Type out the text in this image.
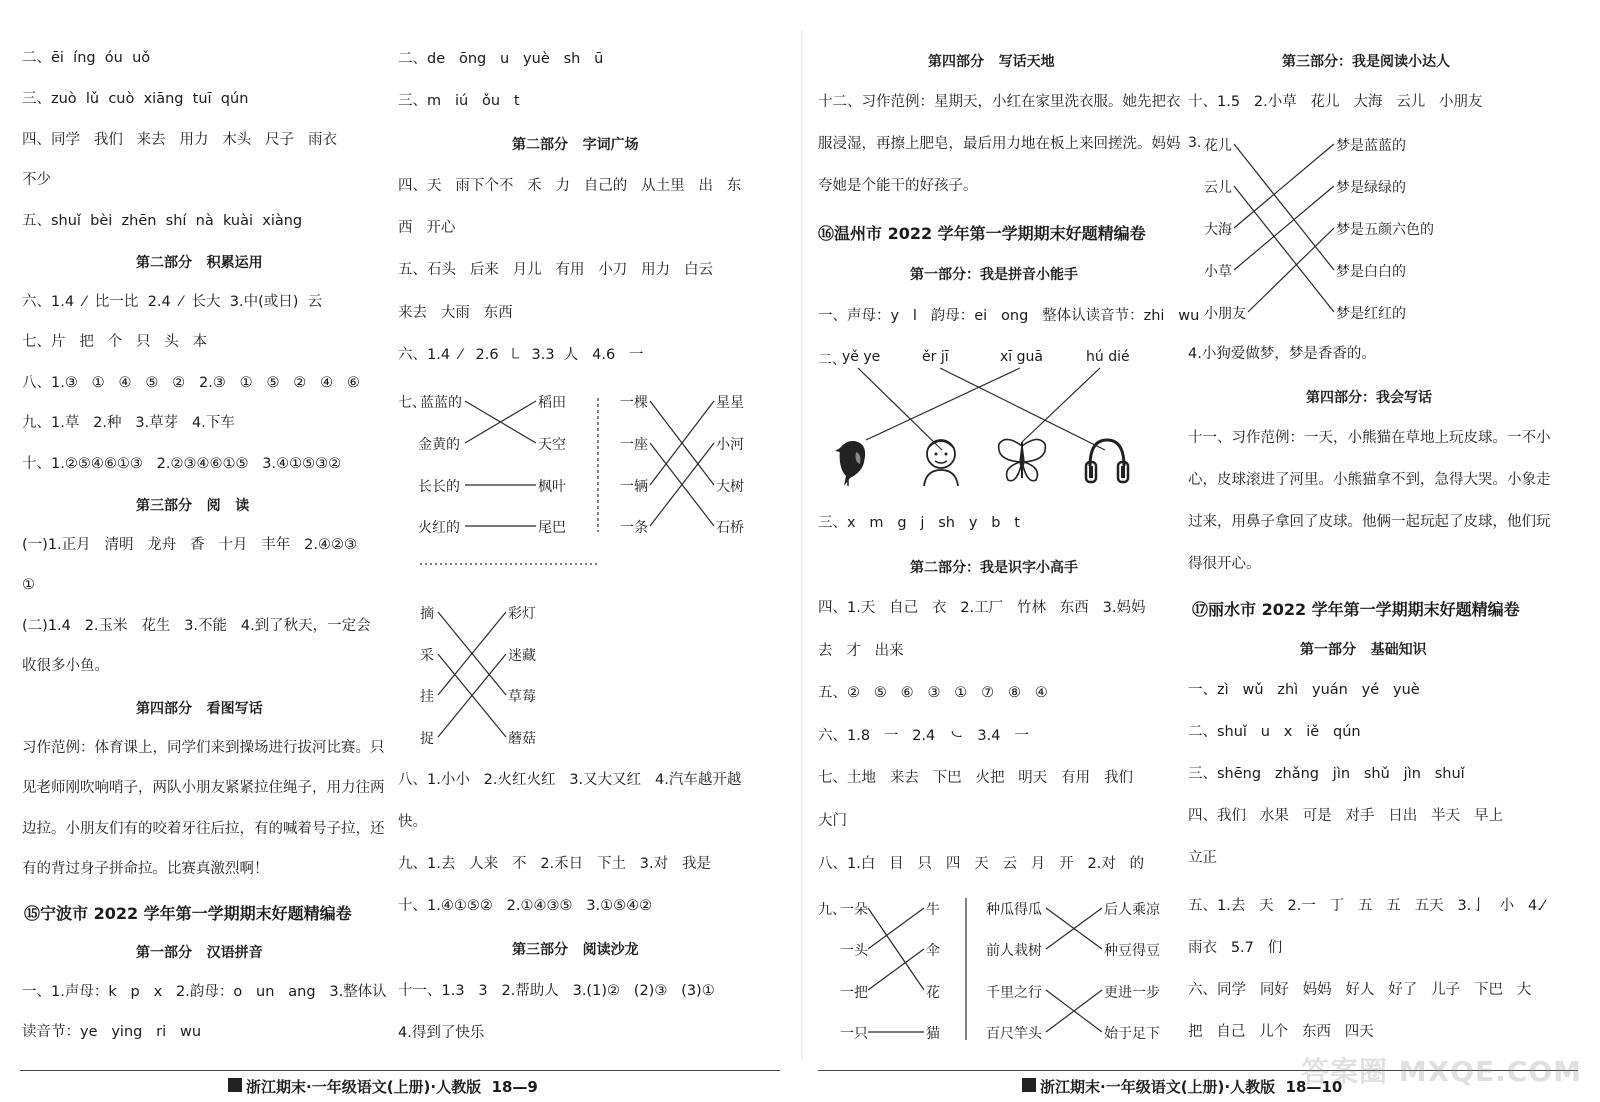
二、ēi  íng  óu  uǒ
三、zuò  lǔ  cuò  xiāng  tuī  qún
四、同学   我们   来去   用力   木头   尺子   雨衣
不少
五、shuǐ  bèi  zhēn  shí  nà  kuài  xiàng
第二部分   积累运用
六、1.4  ⁄  比一比  2.4  ⁄  长大  3.中(或日)  云
七、片   把   个   只   头   本
八、1.③   ①   ④   ⑤   ②   2.③   ①   ⑤   ②   ④   ⑥
九、1.草   2.种   3.草芽   4.下车
十、1.②⑤④⑥①③   2.②③④⑥①⑤   3.④①⑤③②
第三部分   阅   读
(一)1.正月   清明   龙舟   香   十月   丰年   2.④②③
①
(二)1.4   2.玉米   花生   3.不能   4.到了秋天，一定会
收很多小鱼。
第四部分   看图写话
习作范例：体育课上，同学们来到操场进行拔河比赛。只
见老师刚吹响哨子，两队小朋友紧紧拉住绳子，用力往两
边拉。小朋友们有的咬着牙往后拉，有的喊着号子拉，还
有的背过身子拼命拉。比赛真激烈啊！
⑮宁波市 2022 学年第一学期期末好题精编卷
第一部分   汉语拼音
一、1.声母：k   p   x   2.韵母：o   un   ang   3.整体认
读音节：ye   ying   ri   wu
二、de   ōng   u   yuè   sh   ū
三、m   iú   ǒu   t
第二部分   字词广场
四、天   雨下个不   禾   力   自己的   从土里   出   东
西   开心
五、石头   后来   月儿   有用   小刀   用力   白云
来去   大雨   东西
六、1.4  ⁄   2.6  ㇄  3.3  人   4.6   一
七、
蓝蓝的
金黄的
长长的
火红的
稻田
天空
枫叶
尾巴
一棵
一座
一辆
一条
星星
小河
大树
石桥
摘
采
挂
捉
彩灯
迷藏
草莓
蘑菇
八、1.小小   2.火红火红   3.又大又红   4.汽车越开越
快。
九、1.去   人来   不   2.禾日   下土   3.对   我是
十、1.④①⑤②   2.①④③⑤   3.①⑤④②
第三部分   阅读沙龙
十一、1.3   3   2.帮助人   3.(1)②   (2)③   (3)①
4.得到了快乐
第四部分   写话天地
十二、习作范例：星期天，小红在家里洗衣服。她先把衣
服浸湿，再擦上肥皂，最后用力地在板上来回搓洗。妈妈
夸她是个能干的好孩子。
⑯温州市 2022 学年第一学期期末好题精编卷
第一部分：我是拼音小能手
一、声母：y   l   韵母：ei   ong   整体认读音节：zhi   wu
二、
yě ye	ěr jī	xī guā	hú dié
三、x   m   g   j   sh   y   b   t
第二部分：我是识字小高手
四、1.天   自己   衣   2.工厂   竹林   东西   3.妈妈
去   才   出来
五、②   ⑤   ⑥   ③   ①   ⑦   ⑧   ④
六、1.8   一   2.4   ㇃   3.4   一
七、土地   来去   下巴   火把   明天   有用   我们
大门
八、1.白   目   只   四   天   云   月   开   2.对   的
九、
一朵
一头
一把
一只
牛
伞
花
猫
种瓜得瓜
前人栽树
千里之行
百尺竿头
后人乘凉
种豆得豆
更进一步
始于足下
第三部分：我是阅读小达人
十、1.5   2.小草   花儿   大海   云儿   小朋友
3. 花儿
云儿
大海
小草
小朋友
梦是蓝蓝的
梦是绿绿的
梦是五颜六色的
梦是白白的
梦是红红的
4.小狗爱做梦，梦是香香的。
第四部分：我会写话
十一、习作范例：一天，小熊猫在草地上玩皮球。一不小
心，皮球滚进了河里。小熊猫拿不到，急得大哭。小象走
过来，用鼻子拿回了皮球。他俩一起玩起了皮球，他们玩
得很开心。
⑰丽水市 2022 学年第一学期期末好题精编卷
第一部分   基础知识
一、zì   wǔ   zhì   yuán   yé   yuè
二、shuǐ   u   x   iě   qún
三、shēng   zhǎng   jìn   shǔ   jìn   shuǐ
四、我们   水果   可是   对手   日出   半天   早上
立正
五、1.去   天   2.一   丁   五   五   五天   3.亅   小   4.⁄
雨衣   5.7   们
六、同学   同好   妈妈   好人   好了   儿子   下巴   大
把   自己   儿个   东西   四天
浙江期末·一年级语文(上册)·人教版  18—9	浙江期末·一年级语文(上册)·人教版  18—10
答案圈 MXQE.COM
